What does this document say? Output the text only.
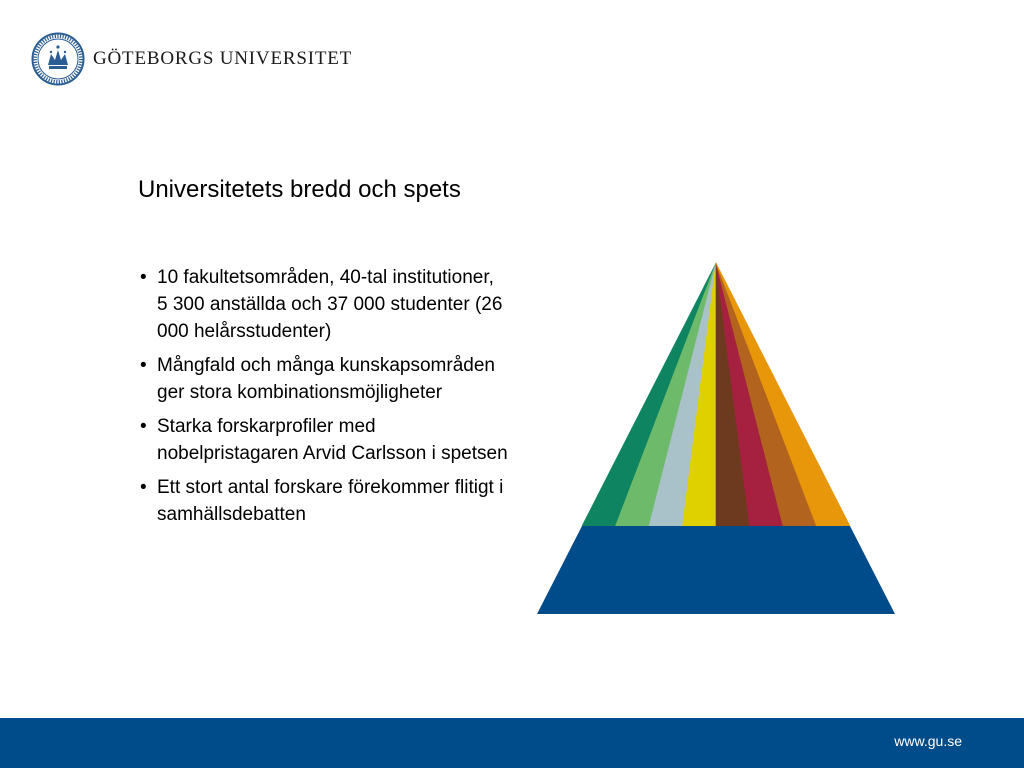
GÖTEBORGS UNIVERSITET
Universitetets bredd och spets
• 10 fakultetsområden, 40-tal institutioner,
5 300 anställda och 37 000 studenter (26 000 helårsstudenter)
• Mångfald och många kunskapsområden ger stora kombinationsmöjligheter
• Starka forskarprofiler med nobelpristagaren Arvid Carlsson i spetsen
• Ett stort antal forskare förekommer flitigt i samhällsdebatten
www.gu.se
